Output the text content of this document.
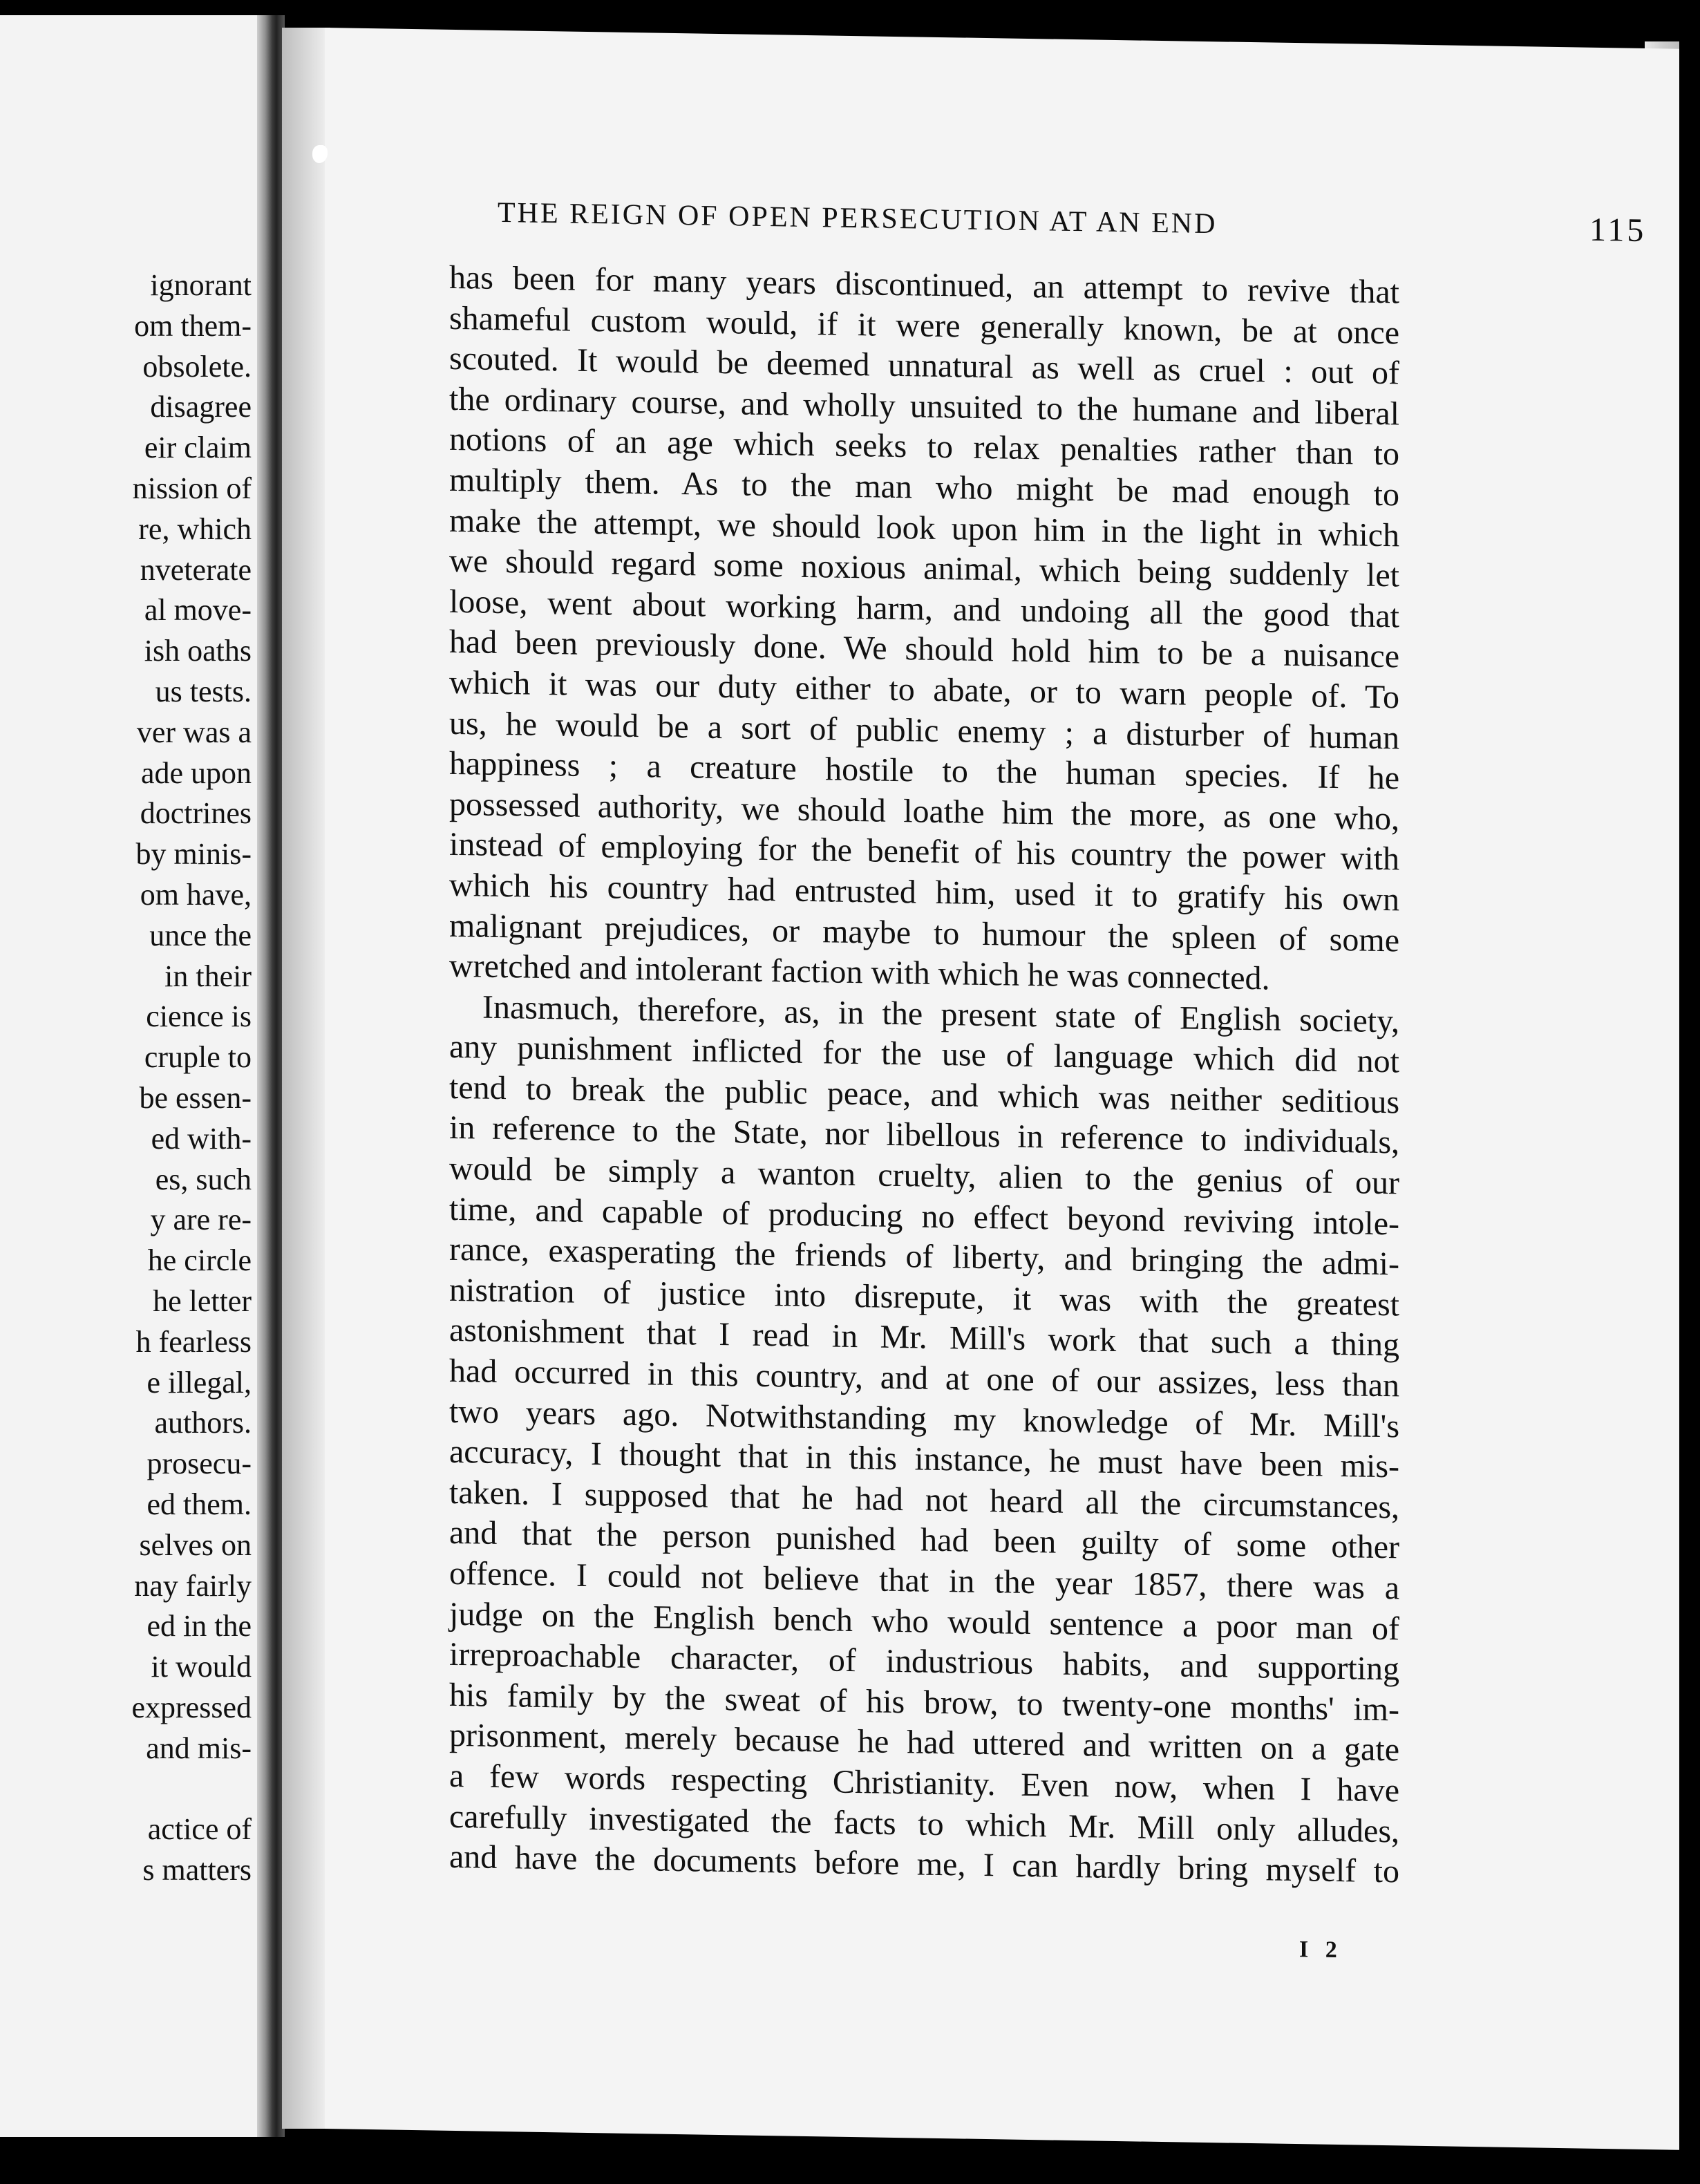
ignorant
om them-
obsolete.
disagree
eir claim
nission of
re, which
nveterate
al move-
ish oaths
us tests.
ver was a
ade upon
doctrines
by minis-
om have,
unce the
in their
cience is
cruple to
be essen-
ed with-
es, such
y are re-
he circle
he letter
h fearless
e illegal,
authors.
prosecu-
ed them.
selves on
nay fairly
ed in the
it would
expressed
and mis-
actice of
s matters
THE REIGN OF OPEN PERSECUTION AT AN END	115
has been for many years discontinued, an attempt to revive that
shameful custom would, if it were generally known, be at once
scouted. It would be deemed unnatural as well as cruel : out of
the ordinary course, and wholly unsuited to the humane and liberal
notions of an age which seeks to relax penalties rather than to
multiply them. As to the man who might be mad enough to
make the attempt, we should look upon him in the light in which
we should regard some noxious animal, which being suddenly let
loose, went about working harm, and undoing all the good that
had been previously done. We should hold him to be a nuisance
which it was our duty either to abate, or to warn people of. To
us, he would be a sort of public enemy ; a disturber of human
happiness ; a creature hostile to the human species. If he
possessed authority, we should loathe him the more, as one who,
instead of employing for the benefit of his country the power with
which his country had entrusted him, used it to gratify his own
malignant prejudices, or maybe to humour the spleen of some
wretched and intolerant faction with which he was connected.
Inasmuch, therefore, as, in the present state of English society,
any punishment inflicted for the use of language which did not
tend to break the public peace, and which was neither seditious
in reference to the State, nor libellous in reference to individuals,
would be simply a wanton cruelty, alien to the genius of our
time, and capable of producing no effect beyond reviving intole-
rance, exasperating the friends of liberty, and bringing the admi-
nistration of justice into disrepute, it was with the greatest
astonishment that I read in Mr. Mill's work that such a thing
had occurred in this country, and at one of our assizes, less than
two years ago. Notwithstanding my knowledge of Mr. Mill's
accuracy, I thought that in this instance, he must have been mis-
taken. I supposed that he had not heard all the circumstances,
and that the person punished had been guilty of some other
offence. I could not believe that in the year 1857, there was a
judge on the English bench who would sentence a poor man of
irreproachable character, of industrious habits, and supporting
his family by the sweat of his brow, to twenty-one months' im-
prisonment, merely because he had uttered and written on a gate
a few words respecting Christianity. Even now, when I have
carefully investigated the facts to which Mr. Mill only alludes,
and have the documents before me, I can hardly bring myself to
I 2
